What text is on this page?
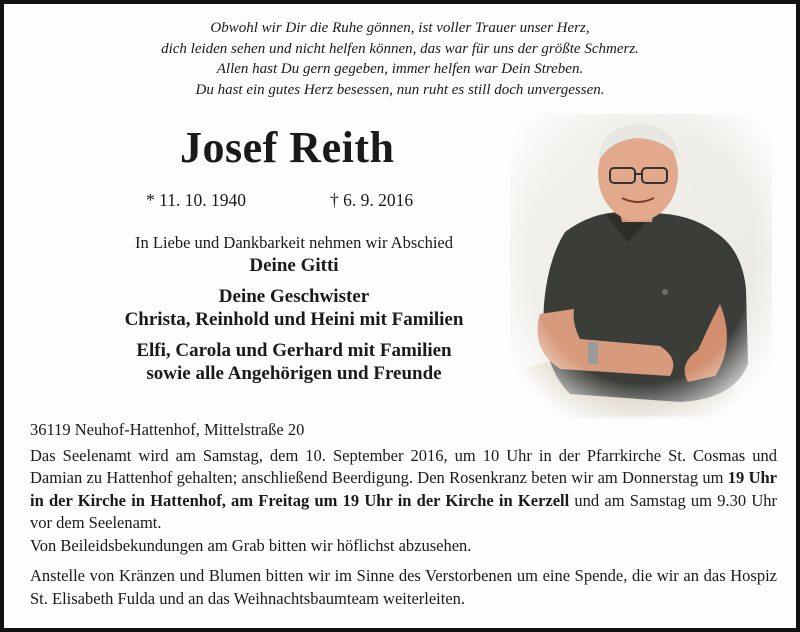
Obwohl wir Dir die Ruhe gönnen, ist voller Trauer unser Herz,
dich leiden sehen und nicht helfen können, das war für uns der größte Schmerz.
Allen hast Du gern gegeben, immer helfen war Dein Streben.
Du hast ein gutes Herz besessen, nun ruht es still doch unvergessen.
Josef Reith
* 11. 10. 1940	† 6. 9. 2016
In Liebe und Dankbarkeit nehmen wir Abschied
Deine Gitti
Deine Geschwister
Christa, Reinhold und Heini mit Familien
Elfi, Carola und Gerhard mit Familien
sowie alle Angehörigen und Freunde

36119 Neuhof-Hattenhof, Mittelstraße 20

Das Seelenamt wird am Samstag, dem 10. September 2016, um 10 Uhr in der Pfarrkirche St. Cosmas und Damian zu Hattenhof gehalten; anschließend Beerdigung. Den Rosenkranz beten wir am Donnerstag um 19 Uhr in der Kirche in Hattenhof, am Freitag um 19 Uhr in der Kirche in Kerzell und am Samstag um 9.30 Uhr vor dem Seelenamt.

Von Beileidsbekundungen am Grab bitten wir höflichst abzusehen.

Anstelle von Kränzen und Blumen bitten wir im Sinne des Verstorbenen um eine Spende, die wir an das Hospiz St. Elisabeth Fulda und an das Weihnachtsbaumteam weiterleiten.
